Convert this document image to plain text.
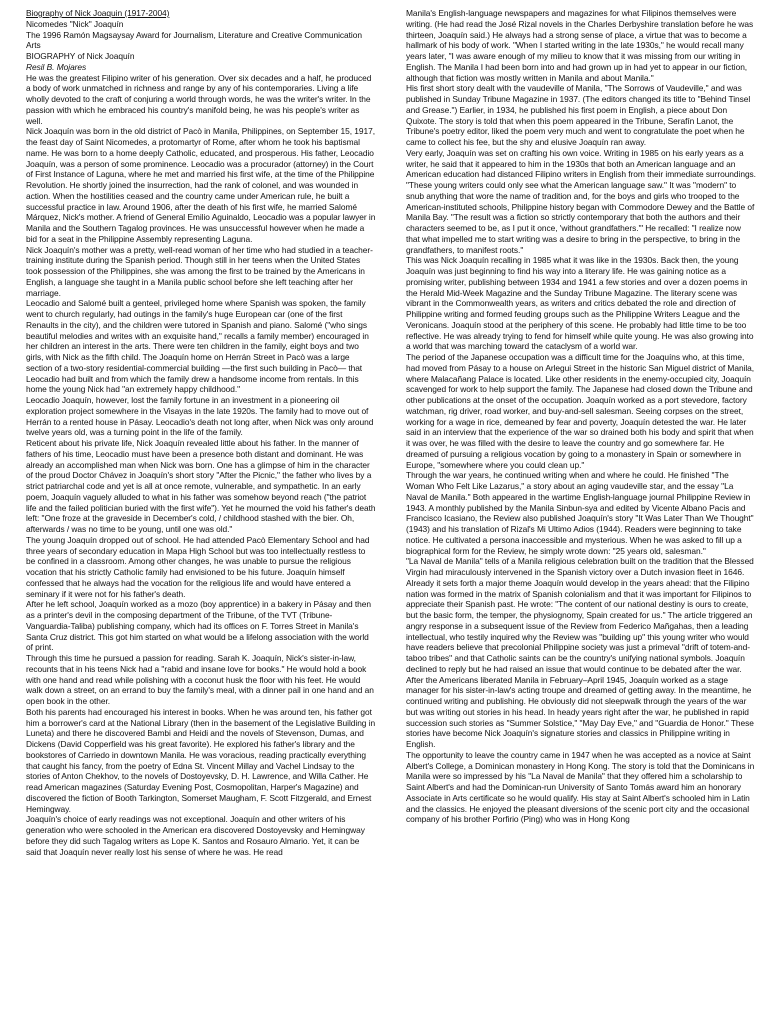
Biography of Nick Joaquin (1917-2004)

Nicomedes "Nick" Joaquín

The 1996 Ramón Magsaysay Award for Journalism, Literature and Creative Communication Arts

BIOGRAPHY of Nick Joaquín

Resil B. Mojares

He was the greatest Filipino writer of his generation. Over six decades and a half, he produced a body of work unmatched in richness and range by any of his contemporaries. Living a life wholly devoted to the craft of conjuring a world through words, he was the writer's writer. In the passion with which he embraced his country's manifold being, he was his people's writer as well.

Nick Joaquín was born in the old district of Pacò in Manila, Philippines, on September 15, 1917, the feast day of Saint Nicomedes, a protomartyr of Rome, after whom he took his baptismal name. He was born to a home deeply Catholic, educated, and prosperous. His father, Leocadio Joaquín, was a person of some prominence. Leocadio was a procurador (attorney) in the Court of First Instance of Laguna, where he met and married his first wife, at the time of the Philippine Revolution. He shortly joined the insurrection, had the rank of colonel, and was wounded in action. When the hostilities ceased and the country came under American rule, he built a successful practice in law. Around 1906, after the death of his first wife, he married Salomé Márquez, Nick's mother. A friend of General Emilio Aguinaldo, Leocadio was a popular lawyer in Manila and the Southern Tagalog provinces. He was unsuccessful however when he made a bid for a seat in the Philippine Assembly representing Laguna.

Nick Joaquín's mother was a pretty, well-read woman of her time who had studied in a teacher-training institute during the Spanish period. Though still in her teens when the United States took possession of the Philippines, she was among the first to be trained by the Americans in English, a language she taught in a Manila public school before she left teaching after her marriage.

Leocadio and Salomé built a genteel, privileged home where Spanish was spoken, the family went to church regularly, had outings in the family's huge European car (one of the first Renaults in the city), and the children were tutored in Spanish and piano. Salomé ("who sings beautiful melodies and writes with an exquisite hand," recalls a family member) encouraged in her children an interest in the arts. There were ten children in the family, eight boys and two girls, with Nick as the fifth child. The Joaquín home on Herrán Street in Pacò was a large section of a two-story residential-commercial building —the first such building in Pacò— that Leocadio had built and from which the family drew a handsome income from rentals. In this home the young Nick had "an extremely happy childhood."

Leocadio Joaquín, however, lost the family fortune in an investment in a pioneering oil exploration project somewhere in the Visayas in the late 1920s. The family had to move out of Herrán to a rented house in Pásay. Leocadio's death not long after, when Nick was only around twelve years old, was a turning point in the life of the family.

Reticent about his private life, Nick Joaquín revealed little about his father. In the manner of fathers of his time, Leocadio must have been a presence both distant and dominant. He was already an accomplished man when Nick was born. One has a glimpse of him in the character of the proud Doctor Chávez in Joaquín's short story "After the Picnic," the father who lives by a strict patriarchal code and yet is all at once remote, vulnerable, and sympathetic. In an early poem, Joaquín vaguely alluded to what in his father was somehow beyond reach ("the patriot life and the failed politician buried with the first wife"). Yet he mourned the void his father's death left: "One froze at the graveside in December's cold, / childhood stashed with the bier. Oh, afterwards / was no time to be young, until one was old."

The young Joaquín dropped out of school. He had attended Pacò Elementary School and had three years of secondary education in Mapa High School but was too intellectually restless to be confined in a classroom. Among other changes, he was unable to pursue the religious vocation that his strictly Catholic family had envisioned to be his future. Joaquín himself confessed that he always had the vocation for the religious life and would have entered a seminary if it were not for his father's death.

After he left school, Joaquín worked as a mozo (boy apprentice) in a bakery in Pásay and then as a printer's devil in the composing department of the Tribune, of the TVT (Tribune-Vanguardia-Taliba) publishing company, which had its offices on F. Torres Street in Manila's Santa Cruz district. This got him started on what would be a lifelong association with the world of print.

Through this time he pursued a passion for reading. Sarah K. Joaquín, Nick's sister-in-law, recounts that in his teens Nick had a "rabid and insane love for books." He would hold a book with one hand and read while polishing with a coconut husk the floor with his feet. He would walk down a street, on an errand to buy the family's meal, with a dinner pail in one hand and an open book in the other.

Both his parents had encouraged his interest in books. When he was around ten, his father got him a borrower's card at the National Library (then in the basement of the Legislative Building in Luneta) and there he discovered Bambi and Heidi and the novels of Stevenson, Dumas, and Dickens (David Copperfield was his great favorite). He explored his father's library and the bookstores of Carriedo in downtown Manila. He was voracious, reading practically everything that caught his fancy, from the poetry of Edna St. Vincent Millay and Vachel Lindsay to the stories of Anton Chekhov, to the novels of Dostoyevsky, D. H. Lawrence, and Willa Cather. He read American magazines (Saturday Evening Post, Cosmopolitan, Harper's Magazine) and discovered the fiction of Booth Tarkington, Somerset Maugham, F. Scott Fitzgerald, and Ernest Hemingway.

Joaquín's choice of early readings was not exceptional. Joaquín and other writers of his generation who were schooled in the American era discovered Dostoyevsky and Hemingway before they did such Tagalog writers as Lope K. Santos and Rosauro Almario. Yet, it can be said that Joaquín never really lost his sense of where he was. He read

Manila's English-language newspapers and magazines for what Filipinos themselves were writing. (He had read the José Rizal novels in the Charles Derbyshire translation before he was thirteen, Joaquín said.) He always had a strong sense of place, a virtue that was to become a hallmark of his body of work. "When I started writing in the late 1930s," he would recall many years later, "I was aware enough of my milieu to know that it was missing from our writing in English. The Manila I had been born into and had grown up in had yet to appear in our fiction, although that fiction was mostly written in Manila and about Manila."

His first short story dealt with the vaudeville of Manila, "The Sorrows of Vaudeville," and was published in Sunday Tribune Magazine in 1937. (The editors changed its title to "Behind Tinsel and Grease.") Earlier, in 1934, he published his first poem in English, a piece about Don Quixote. The story is told that when this poem appeared in the Tribune, Serafín Lanot, the Tribune's poetry editor, liked the poem very much and went to congratulate the poet when he came to collect his fee, but the shy and elusive Joaquín ran away.

Very early, Joaquín was set on crafting his own voice. Writing in 1985 on his early years as a writer, he said that it appeared to him in the 1930s that both an American language and an American education had distanced Filipino writers in English from their immediate surroundings. "These young writers could only see what the American language saw." It was "modern" to snub anything that wore the name of tradition and, for the boys and girls who trooped to the American-instituted schools, Philippine history began with Commodore Dewey and the Battle of Manila Bay. "The result was a fiction so strictly contemporary that both the authors and their characters seemed to be, as I put it once, 'without grandfathers.'" He recalled: "I realize now that what impelled me to start writing was a desire to bring in the perspective, to bring in the grandfathers, to manifest roots."

This was Nick Joaquín recalling in 1985 what it was like in the 1930s. Back then, the young Joaquín was just beginning to find his way into a literary life. He was gaining notice as a promising writer, publishing between 1934 and 1941 a few stories and over a dozen poems in the Herald Mid-Week Magazine and the Sunday Tribune Magazine. The literary scene was vibrant in the Commonwealth years, as writers and critics debated the role and direction of Philippine writing and formed feuding groups such as the Philippine Writers League and the Veronicans. Joaquín stood at the periphery of this scene. He probably had little time to be too reflective. He was already trying to fend for himself while quite young. He was also growing into a world that was marching toward the cataclysm of a world war.

The period of the Japanese occupation was a difficult time for the Joaquíns who, at this time, had moved from Pásay to a house on Arlegui Street in the historic San Miguel district of Manila, where Malacañang Palace is located. Like other residents in the enemy-occupied city, Joaquín scavenged for work to help support the family. The Japanese had closed down the Tribune and other publications at the onset of the occupation. Joaquín worked as a port stevedore, factory watchman, rig driver, road worker, and buy-and-sell salesman. Seeing corpses on the street, working for a wage in rice, demeaned by fear and poverty, Joaquín detested the war. He later said in an interview that the experience of the war so drained both his body and spirit that when it was over, he was filled with the desire to leave the country and go somewhere far. He dreamed of pursuing a religious vocation by going to a monastery in Spain or somewhere in Europe, "somewhere where you could clean up."

Through the war years, he continued writing when and where he could. He finished "The Woman Who Felt Like Lazarus," a story about an aging vaudeville star, and the essay "La Naval de Manila." Both appeared in the wartime English-language journal Philippine Review in 1943. A monthly published by the Manila Sinbun-sya and edited by Vicente Albano Pacis and Francisco Icasiano, the Review also published Joaquín's story "It Was Later Than We Thought" (1943) and his translation of Rizal's Mi Ultimo Adios (1944). Readers were beginning to take notice. He cultivated a persona inaccessible and mysterious. When he was asked to fill up a biographical form for the Review, he simply wrote down: "25 years old, salesman."

"La Naval de Manila" tells of a Manila religious celebration built on the tradition that the Blessed Virgin had miraculously intervened in the Spanish victory over a Dutch invasion fleet in 1646. Already it sets forth a major theme Joaquín would develop in the years ahead: that the Filipino nation was formed in the matrix of Spanish colonialism and that it was important for Filipinos to appreciate their Spanish past. He wrote: "The content of our national destiny is ours to create, but the basic form, the temper, the physiognomy, Spain created for us." The article triggered an angry response in a subsequent issue of the Review from Federico Mañgahas, then a leading intellectual, who testily inquired why the Review was "building up" this young writer who would have readers believe that precolonial Philippine society was just a primeval "drift of totem-and-taboo tribes" and that Catholic saints can be the country's unifying national symbols. Joaquín declined to reply but he had raised an issue that would continue to be debated after the war.

After the Americans liberated Manila in February–April 1945, Joaquín worked as a stage manager for his sister-in-law's acting troupe and dreamed of getting away. In the meantime, he continued writing and publishing. He obviously did not sleepwalk through the years of the war but was writing out stories in his head. In heady years right after the war, he published in rapid succession such stories as "Summer Solstice," "May Day Eve," and "Guardia de Honor." These stories have become Nick Joaquín's signature stories and classics in Philippine writing in English.

The opportunity to leave the country came in 1947 when he was accepted as a novice at Saint Albert's College, a Dominican monastery in Hong Kong. The story is told that the Dominicans in Manila were so impressed by his "La Naval de Manila" that they offered him a scholarship to Saint Albert's and had the Dominican-run University of Santo Tomás award him an honorary Associate in Arts certificate so he would qualify. His stay at Saint Albert's schooled him in Latin and the classics. He enjoyed the pleasant diversions of the scenic port city and the occasional company of his brother Porfirio (Ping) who was in Hong Kong
